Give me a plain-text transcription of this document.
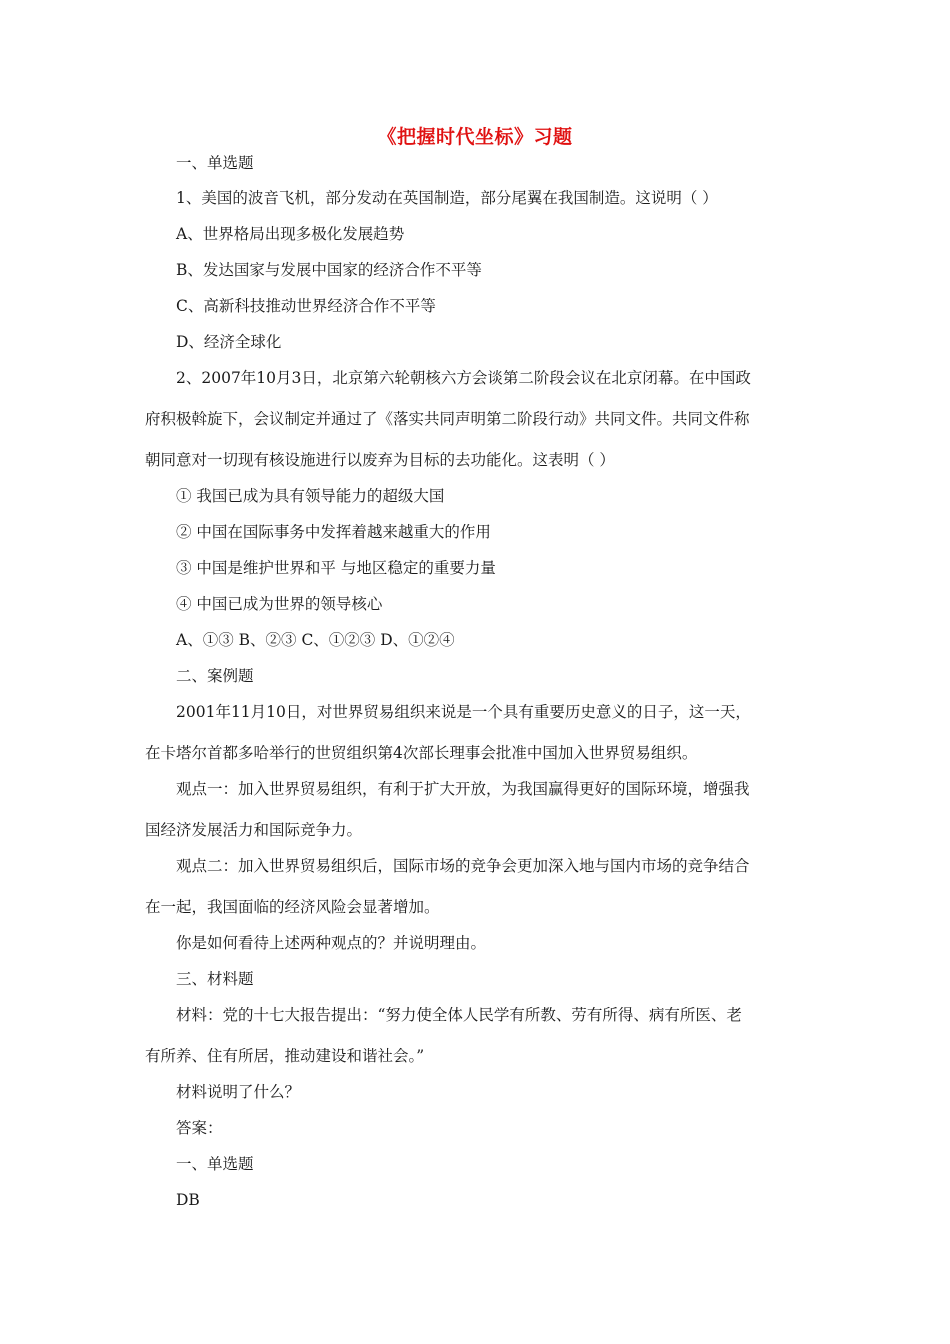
《把握时代坐标》习题
一、单选题
1、美国的波音飞机，部分发动在英国制造，部分尾翼在我国制造。这说明（ ）
A、世界格局出现多极化发展趋势
B、发达国家与发展中国家的经济合作不平等
C、高新科技推动世界经济合作不平等
D、经济全球化
2、2007年10月3日，北京第六轮朝核六方会谈第二阶段会议在北京闭幕。在中国政
府积极斡旋下，会议制定并通过了《落实共同声明第二阶段行动》共同文件。共同文件称
朝同意对一切现有核设施进行以废弃为目标的去功能化。这表明（ ）
① 我国已成为具有领导能力的超级大国
② 中国在国际事务中发挥着越来越重大的作用
③ 中国是维护世界和平 与地区稳定的重要力量
④ 中国已成为世界的领导核心
A、①③ B、②③ C、①②③ D、①②④
二、案例题
2001年11月10日，对世界贸易组织来说是一个具有重要历史意义的日子，这一天，
在卡塔尔首都多哈举行的世贸组织第4次部长理事会批准中国加入世界贸易组织。
观点一：加入世界贸易组织，有利于扩大开放，为我国赢得更好的国际环境，增强我
国经济发展活力和国际竞争力。
观点二：加入世界贸易组织后，国际市场的竞争会更加深入地与国内市场的竞争结合
在一起，我国面临的经济风险会显著增加。
你是如何看待上述两种观点的？并说明理由。
三、材料题
材料：党的十七大报告提出：“努力使全体人民学有所教、劳有所得、病有所医、老
有所养、住有所居，推动建设和谐社会。”
材料说明了什么？
答案：
一、单选题
DB
